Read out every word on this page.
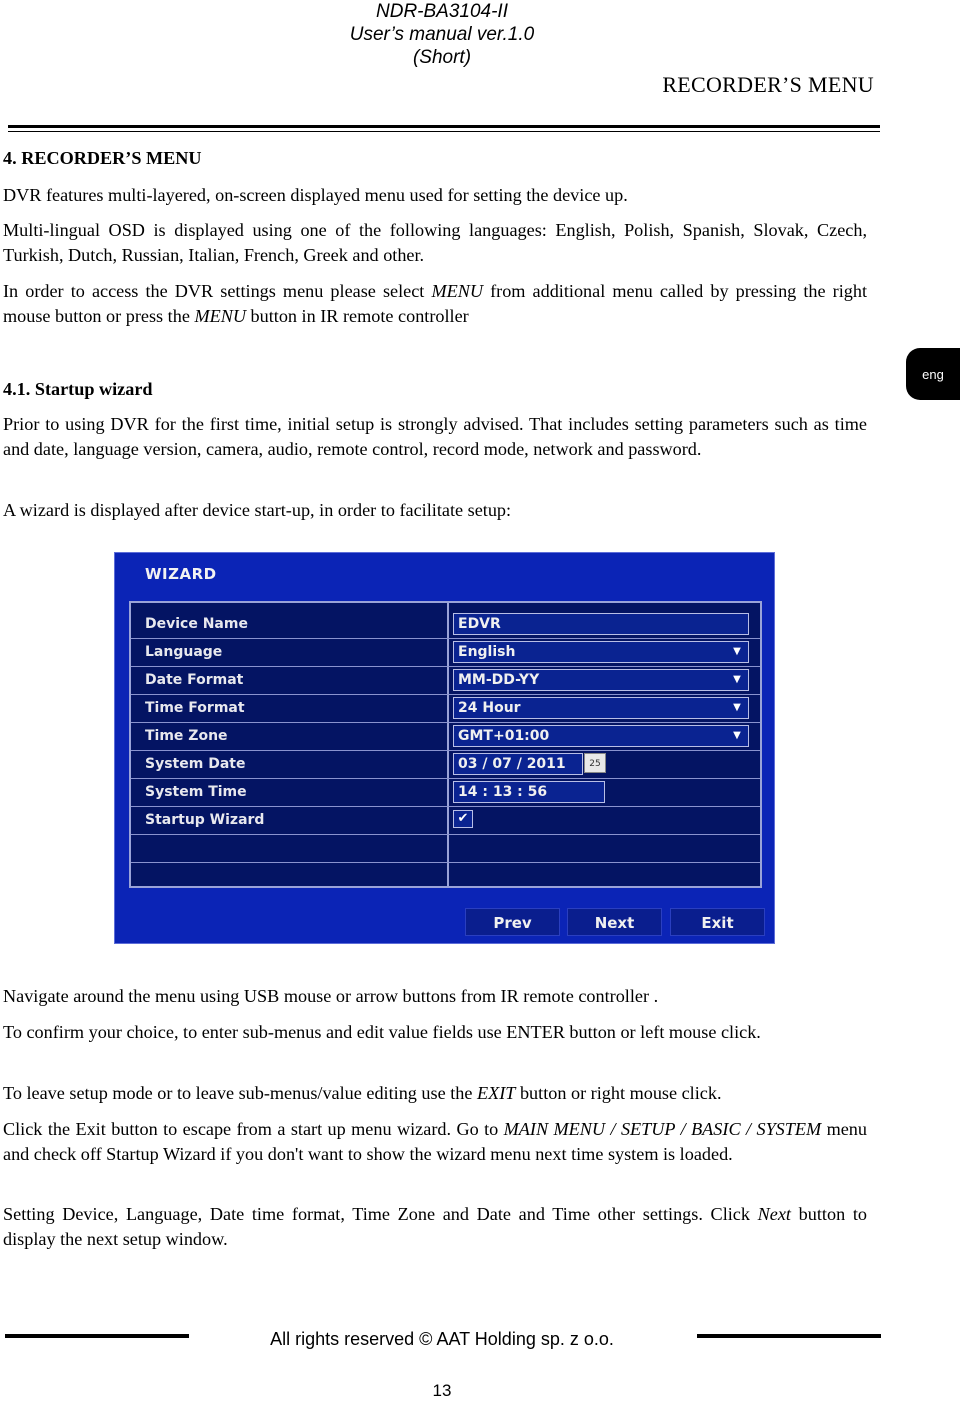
NDR-BA3104-II
User’s manual ver.1.0
(Short)
RECORDER’S MENU
eng
4. RECORDER’S MENU
DVR features multi-layered, on-screen displayed menu used for setting the device up.
Multi-lingual OSD is displayed using one of the following languages: English, Polish, Spanish, Slovak, Czech, Turkish, Dutch, Russian, Italian, French, Greek and other.
In order to access the DVR settings menu please select MENU from additional menu called by pressing the right mouse button or press the MENU button in IR remote controller
4.1. Startup wizard
Prior to using DVR for the first time, initial setup is strongly advised. That includes setting parameters such as time and date, language version, camera, audio, remote control, record mode, network and password.
A wizard is displayed after device start-up, in order to facilitate setup:
WIZARD
Device Name	EDVR
Language	English	▼
Date Format	MM-DD-YY	▼
Time Format	24 Hour	▼
Time Zone	GMT+01:00	▼
System Date	03 / 07 / 2011	25
System Time	14 : 13 : 56
Startup Wizard	✔
Prev	Next	Exit
Navigate around the menu using USB mouse or arrow buttons from IR remote controller .
To confirm your choice, to enter sub-menus and edit value fields use ENTER button or left mouse click.
To leave setup mode or to leave sub-menus/value editing use the EXIT button or right mouse click.
Click the Exit button to escape from a start up menu wizard. Go to MAIN MENU / SETUP / BASIC / SYSTEM menu and check off Startup Wizard if you don't want to show the wizard menu next time system is loaded.
Setting Device, Language, Date time format, Time Zone and Date and Time other settings. Click Next button to display the next setup window.
All rights reserved © AAT Holding sp. z o.o.
13
